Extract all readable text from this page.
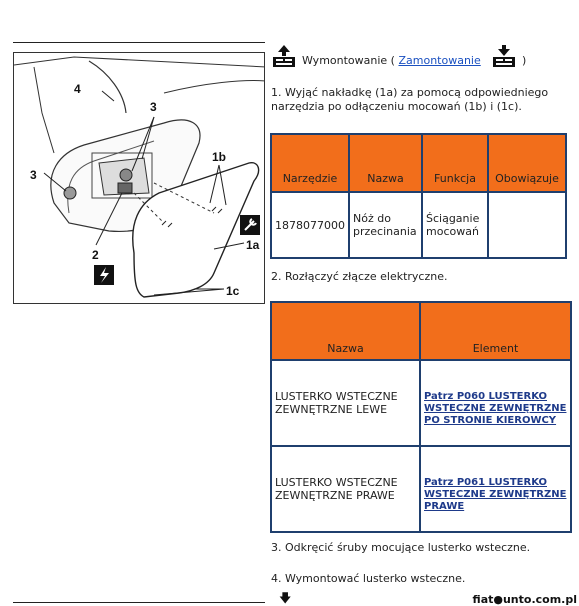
4
3
3
1b
2
1a
1c
Wymontowanie ( Zamontowanie	)
1. Wyjąć nakładkę (1a) za pomocą odpowiedniego narzędzia po odłączeniu mocowań (1b) i (1c).
Narzędzie	Nazwa	Funkcja	Obowiązuje
1878077000	Nóż do przecinania	Ściąganie mocowań	
2. Rozłączyć złącze elektryczne.
Nazwa	Element
LUSTERKO WSTECZNE ZEWNĘTRZNE LEWE	Patrz P060 LUSTERKO WSTECZNE ZEWNĘTRZNE PO STRONIE KIEROWCY

LUSTERKO WSTECZNE ZEWNĘTRZNE PRAWE	Patrz P061 LUSTERKO WSTECZNE ZEWNĘTRZNE PRAWE
3. Odkręcić śruby mocujące lusterko wsteczne.
4. Wymontować lusterko wsteczne.
🡇	fiat●unto.com.pl
